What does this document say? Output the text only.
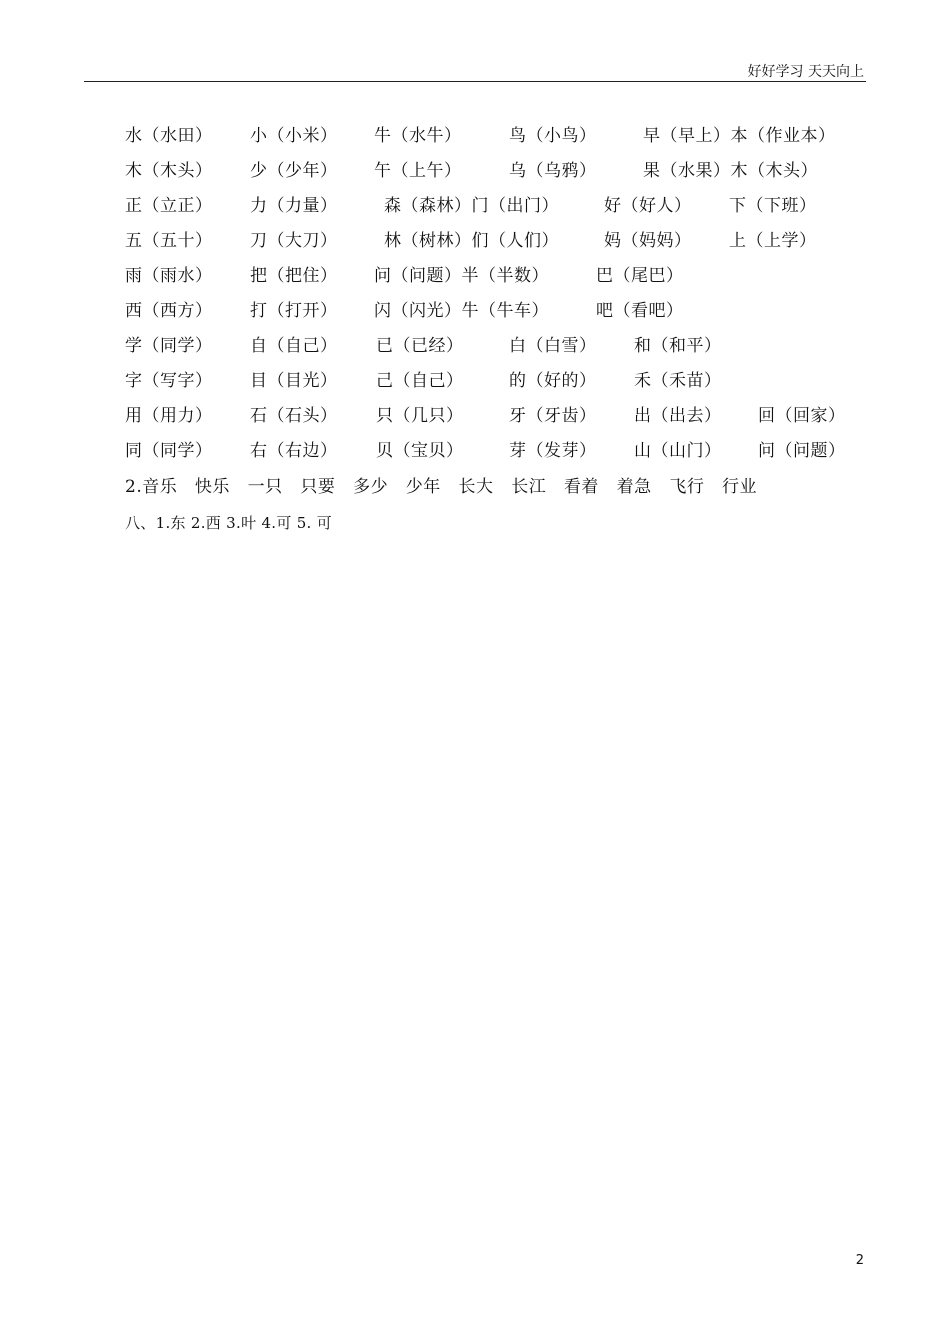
好好学习 天天向上
水（水田） 小（小米） 牛（水牛）	鸟（小鸟）	早（早上）本（作业本）
木（木头） 少（少年） 午（上午）	乌（乌鸦）	果（水果）木（木头）
正（立正） 力（力量）	森（森林）门（出门）	好（好人） 下（下班）
五（五十） 刀（大刀）	林（树林）们（人们）	妈（妈妈） 上（上学）
雨（雨水） 把（把住） 问（问题）半（半数）	巴（尾巴）
西（西方） 打（打开） 闪（闪光）牛（牛车）	吧（看吧）
学（同学） 自（自己） 已（已经）	白（白雪） 和（和平）
字（写字） 目（目光） 己（自己）	的（好的） 禾（禾苗）
用（用力） 石（石头） 只（几只）	牙（牙齿） 出（出去） 回（回家）
同（同学） 右（右边） 贝（宝贝）	芽（发芽） 山（山门） 问（问题）
2.音乐   快乐   一只   只要   多少   少年   长大   长江   看着   着急   飞行   行业
八、1.东 2.西 3.叶 4.可 5. 可
2
